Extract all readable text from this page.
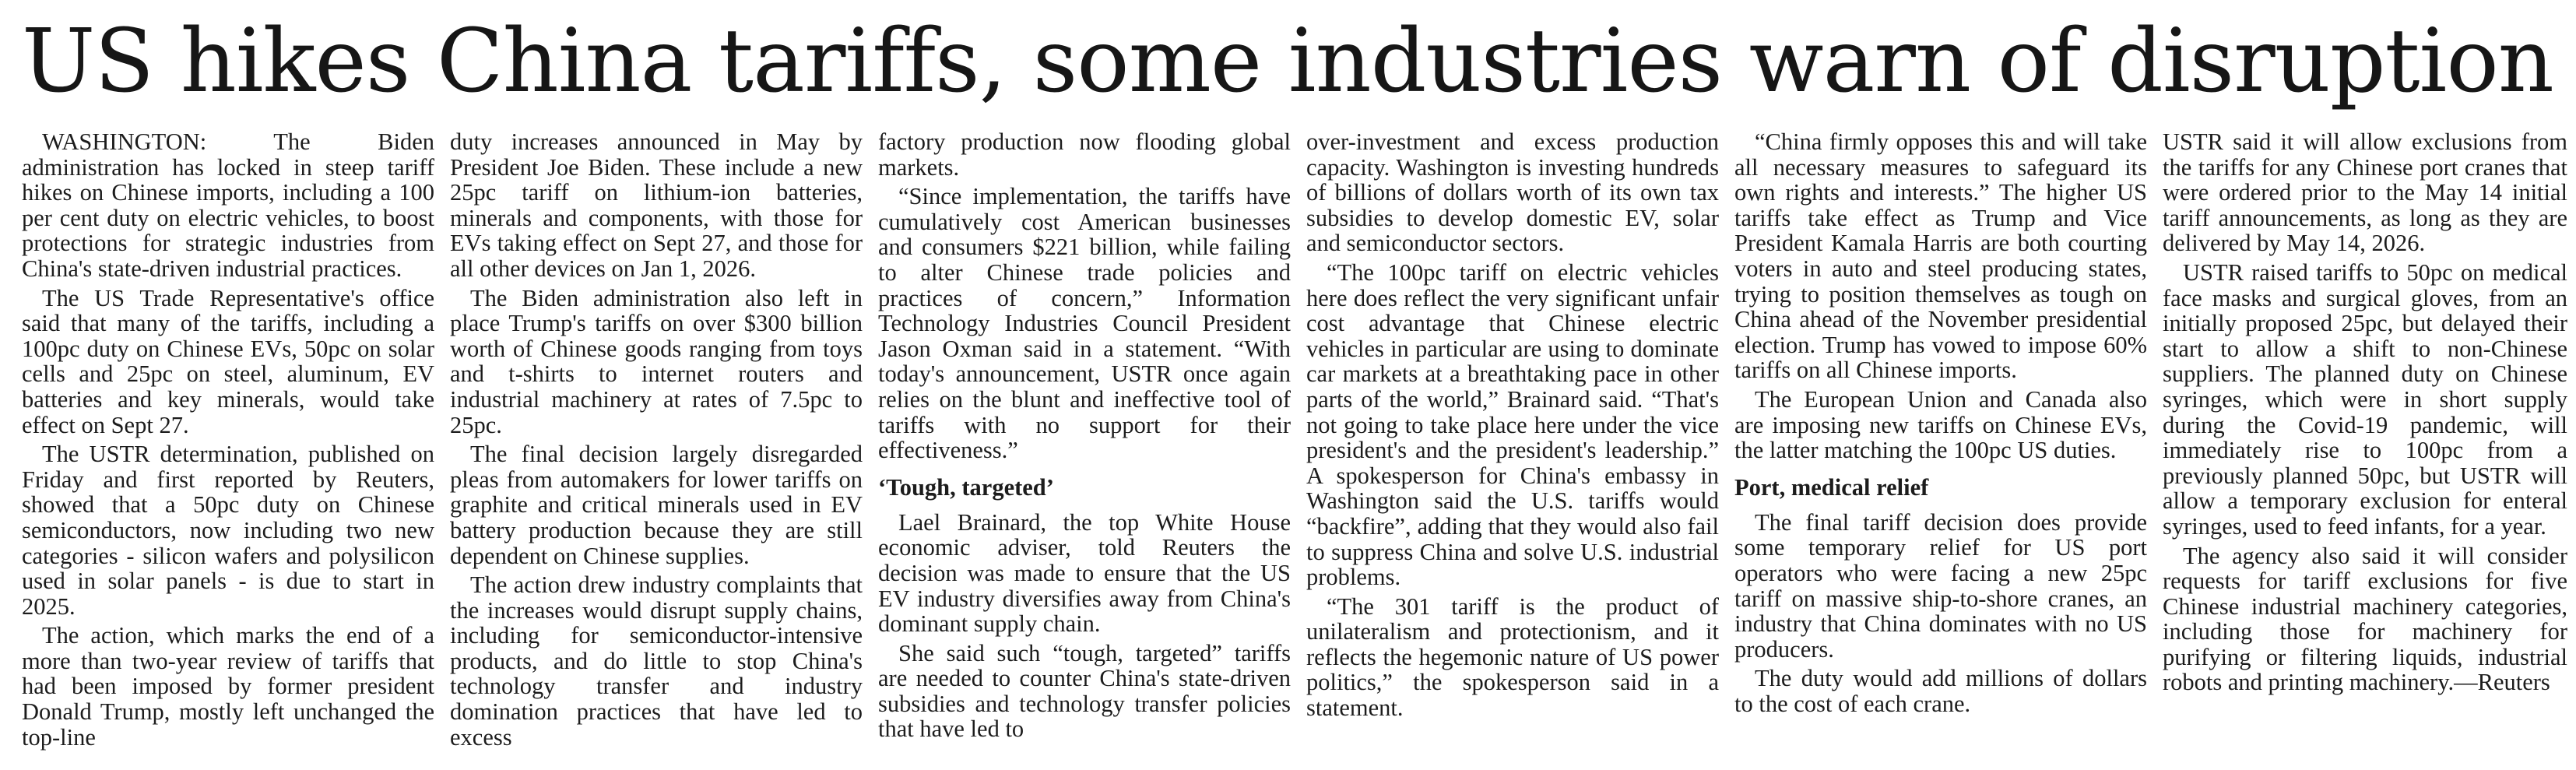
US hikes China tariffs, some industries warn of disruption

WASHINGTON:	The Biden administration has locked in steep tariff hikes on Chinese imports, including a 100 per cent duty on electric vehicles, to boost protections for strategic industries from China's state-driven industrial practices.

The US Trade Representative's office said that many of the tariffs, including a 100pc duty on Chinese EVs, 50pc on solar cells and 25pc on steel, aluminum, EV batteries and key minerals, would take effect on Sept 27.

The USTR determination, published on Friday and first reported by Reuters, showed that a 50pc duty on Chinese semiconductors, now including two new categories - silicon wafers and polysilicon used in solar panels - is due to start in 2025.

The action, which marks the end of a more than two-year review of tariffs that had been imposed by former president Donald Trump, mostly left unchanged the top-line

duty increases announced in May by President Joe Biden. These include a new 25pc tariff on lithium-ion batteries, minerals and components, with those for EVs taking effect on Sept 27, and those for all other devices on Jan 1, 2026.

The Biden administration also left in place Trump's tariffs on over $300 billion worth of Chinese goods ranging from toys and t-shirts to internet routers and industrial machinery at rates of 7.5pc to 25pc.

The final decision largely disregarded pleas from automakers for lower tariffs on graphite and critical minerals used in EV battery production because they are still dependent on Chinese supplies.

The action drew industry complaints that the increases would disrupt supply chains, including for semiconductor-intensive products, and do little to stop China's technology transfer and industry domination practices that have led to excess

factory production now flooding global markets.

“Since implementation, the tariffs have cumulatively cost American businesses and consumers $221 billion, while failing to alter Chinese trade policies and practices of concern,” Information Technology Industries Council President Jason Oxman said in a statement. “With today's announcement, USTR once again relies on the blunt and ineffective tool of tariffs with no support for their effectiveness.”

‘Tough, targeted’

Lael Brainard, the top White House economic adviser, told Reuters the decision was made to ensure that the US EV industry diversifies away from China's dominant supply chain.

She said such “tough, targeted” tariffs are needed to counter China's state-driven subsidies and technology transfer policies that have led to

over-investment and excess production capacity. Washington is investing hundreds of billions of dollars worth of its own tax subsidies to develop domestic EV, solar and semiconductor sectors.

“The 100pc tariff on electric vehicles here does reflect the very significant unfair cost advantage that Chinese electric vehicles in particular are using to dominate car markets at a breathtaking pace in other parts of the world,” Brainard said. “That's not going to take place here under the vice president's and the president's leadership.” A spokesperson for China's embassy in Washington said the U.S. tariffs would “backfire”, adding that they would also fail to suppress China and solve U.S. industrial problems.

“The 301 tariff is the product of unilateralism and protectionism, and it reflects the hegemonic nature of US power politics,” the spokesperson said in a statement.

“China firmly opposes this and will take all necessary measures to safeguard its own rights and interests.” The higher US tariffs take effect as Trump and Vice President Kamala Harris are both courting voters in auto and steel producing states, trying to position themselves as tough on China ahead of the November presidential election. Trump has vowed to impose 60% tariffs on all Chinese imports.

The European Union and Canada also are imposing new tariffs on Chinese EVs, the latter matching the 100pc US duties.

Port, medical relief

The final tariff decision does provide some temporary relief for US port operators who were facing a new 25pc tariff on massive ship-to-shore cranes, an industry that China dominates with no US producers.

The duty would add millions of dollars to the cost of each crane.

USTR said it will allow exclusions from the tariffs for any Chinese port cranes that were ordered prior to the May 14 initial tariff announcements, as long as they are delivered by May 14, 2026.

USTR raised tariffs to 50pc on medical face masks and surgical gloves, from an initially proposed 25pc, but delayed their start to allow a shift to non-Chinese suppliers. The planned duty on Chinese syringes, which were in short supply during the Covid-19 pandemic, will immediately rise to 100pc from a previously planned 50pc, but USTR will allow a temporary exclusion for enteral syringes, used to feed infants, for a year.

The agency also said it will consider requests for tariff exclusions for five Chinese industrial machinery categories, including those for machinery for purifying or filtering liquids, industrial robots and printing machinery.—Reuters
